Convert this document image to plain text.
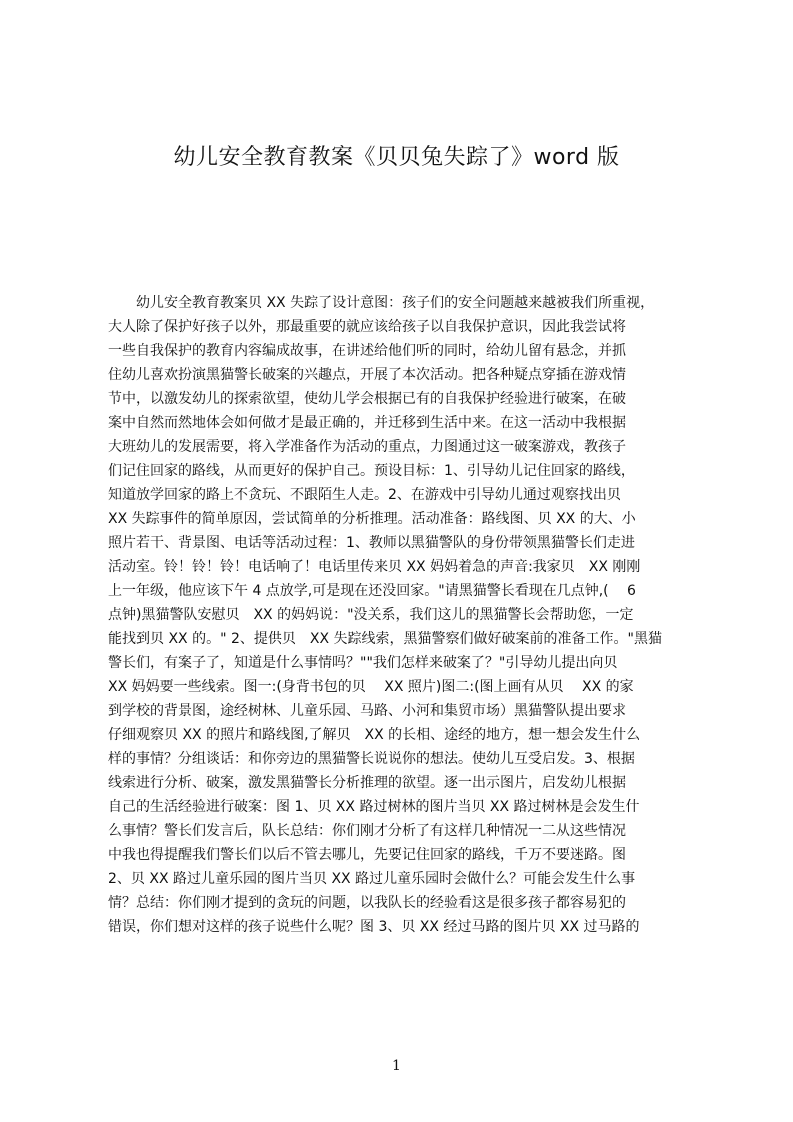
幼儿安全教育教案《贝贝兔失踪了》word 版
　　幼儿安全教育教案贝 XX 失踪了设计意图：孩子们的安全问题越来越被我们所重视，
大人除了保护好孩子以外，那最重要的就应该给孩子以自我保护意识，因此我尝试将
一些自我保护的教育内容编成故事，在讲述给他们听的同时，给幼儿留有悬念，并抓
住幼儿喜欢扮演黑猫警长破案的兴趣点，开展了本次活动。把各种疑点穿插在游戏情
节中，以激发幼儿的探索欲望，使幼儿学会根据已有的自我保护经验进行破案，在破
案中自然而然地体会如何做才是最正确的，并迁移到生活中来。在这一活动中我根据
大班幼儿的发展需要，将入学准备作为活动的重点，力图通过这一破案游戏，教孩子
们记住回家的路线，从而更好的保护自己。预设目标：1、引导幼儿记住回家的路线，
知道放学回家的路上不贪玩、不跟陌生人走。2、在游戏中引导幼儿通过观察找出贝
XX 失踪事件的简单原因，尝试简单的分析推理。活动准备：路线图、贝 XX 的大、小
照片若干、背景图、电话等活动过程：1、教师以黑猫警队的身份带领黑猫警长们走进
活动室。铃！铃！铃！电话响了！电话里传来贝 XX 妈妈着急的声音:我家贝　XX 刚刚
上一年级，他应该下午 4 点放学,可是现在还没回家。"请黑猫警长看现在几点钟,(　 6
点钟)黑猫警队安慰贝　XX 的妈妈说："没关系，我们这儿的黑猫警长会帮助您，一定
能找到贝 XX 的。" 2、提供贝　XX 失踪线索，黑猫警察们做好破案前的准备工作。"黑猫
警长们，有案子了，知道是什么事情吗？""我们怎样来破案了？"引导幼儿提出向贝
XX 妈妈要一些线索。图一:(身背书包的贝　 XX 照片)图二:(图上画有从贝　 XX 的家
到学校的背景图，途经树林、儿童乐园、马路、小河和集贸市场）黑猫警队提出要求
仔细观察贝 XX 的照片和路线图,了解贝　XX 的长相、途经的地方，想一想会发生什么
样的事情？分组谈话：和你旁边的黑猫警长说说你的想法。使幼儿互受启发。3、根据
线索进行分析、破案，激发黑猫警长分析推理的欲望。逐一出示图片，启发幼儿根据
自己的生活经验进行破案：图 1、贝 XX 路过树林的图片当贝 XX 路过树林是会发生什
么事情？警长们发言后，队长总结：你们刚才分析了有这样几种情况一二从这些情况
中我也得提醒我们警长们以后不管去哪儿，先要记住回家的路线，千万不要迷路。图
2、贝 XX 路过儿童乐园的图片当贝 XX 路过儿童乐园时会做什么？可能会发生什么事
情？总结：你们刚才提到的贪玩的问题，以我队长的经验看这是很多孩子都容易犯的
错误，你们想对这样的孩子说些什么呢？图 3、贝 XX 经过马路的图片贝 XX 过马路的
1
